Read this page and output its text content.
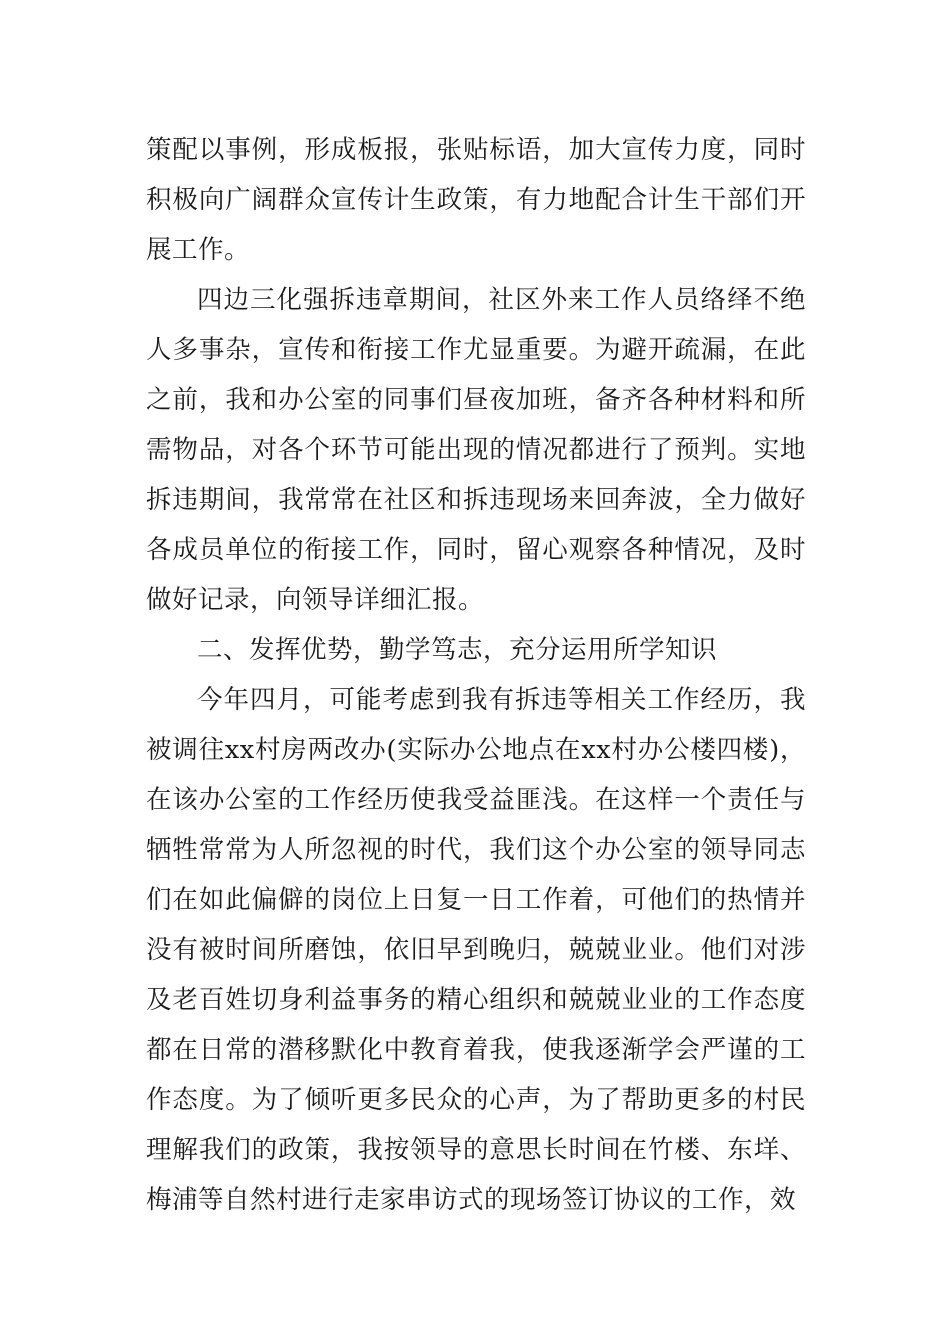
策配以事例，形成板报，张贴标语，加大宣传力度，同时积极向广阔群众宣传计生政策，有力地配合计生干部们开展工作。

四边三化强拆违章期间，社区外来工作人员络绎不绝人多事杂，宣传和衔接工作尤显重要。为避开疏漏，在此之前，我和办公室的同事们昼夜加班，备齐各种材料和所需物品，对各个环节可能出现的情况都进行了预判。实地拆违期间，我常常在社区和拆违现场来回奔波，全力做好各成员单位的衔接工作，同时，留心观察各种情况，及时做好记录，向领导详细汇报。

二、发挥优势，勤学笃志，充分运用所学知识

今年四月，可能考虑到我有拆违等相关工作经历，我被调往xx村房两改办(实际办公地点在xx村办公楼四楼)，在该办公室的工作经历使我受益匪浅。在这样一个责任与牺牲常常为人所忽视的时代，我们这个办公室的领导同志们在如此偏僻的岗位上日复一日工作着，可他们的热情并没有被时间所磨蚀，依旧早到晚归，兢兢业业。他们对涉及老百姓切身利益事务的精心组织和兢兢业业的工作态度都在日常的潜移默化中教育着我，使我逐渐学会严谨的工作态度。为了倾听更多民众的心声，为了帮助更多的村民理解我们的政策，我按领导的意思长时间在竹楼、东垟、梅浦等自然村进行走家串访式的现场签订协议的工作，效
